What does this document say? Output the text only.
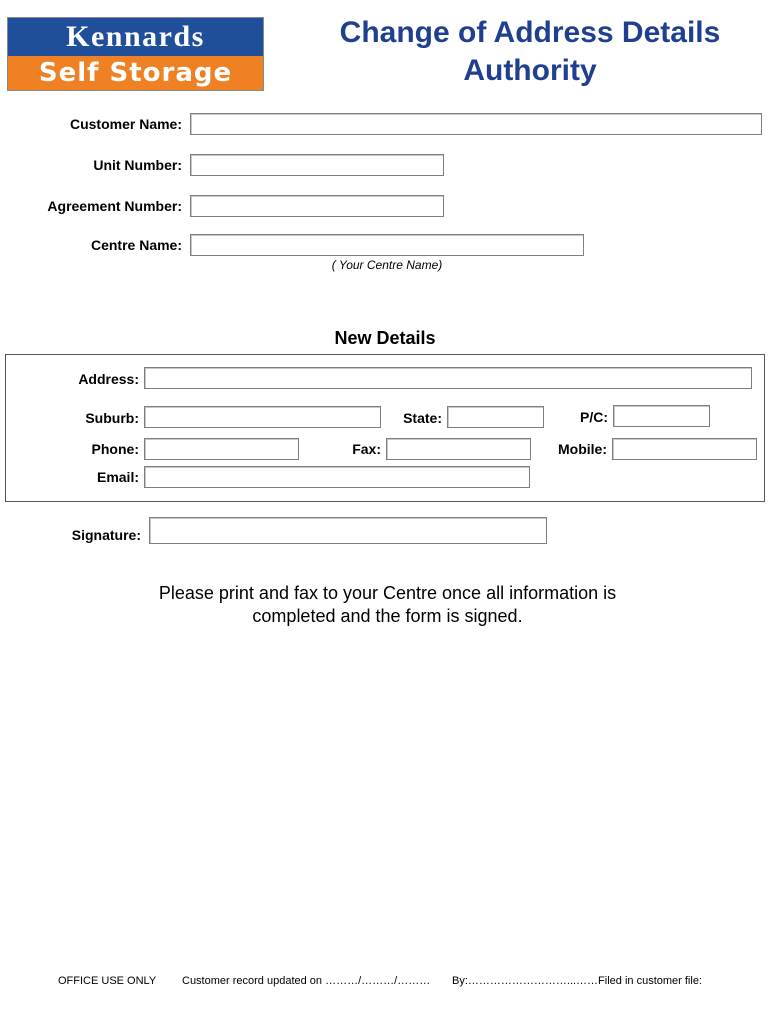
Kennards
Self Storage
Change of Address Details
Authority
Customer Name:
Unit Number:
Agreement Number:
Centre Name:
( Your Centre Name)
New Details
Address:
Suburb:	State:	P/C:
Phone:	Fax:	Mobile:
Email:
Signature:
Please print and fax to your Centre once all information is
completed and the form is signed.
OFFICE USE ONLY Customer record updated on ………/………/……… By:………………………...……Filed in customer file:
